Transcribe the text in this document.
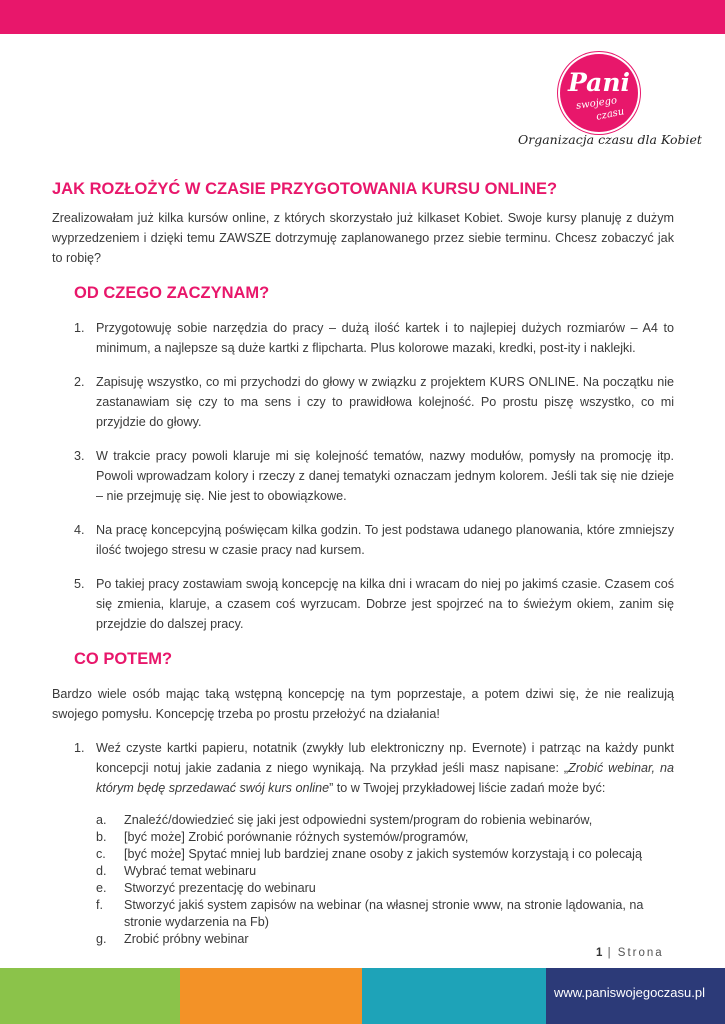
Pani
swojego
czasu
Organizacja czasu dla Kobiet
JAK ROZŁOŻYĆ W CZASIE PRZYGOTOWANIA KURSU ONLINE?

Zrealizowałam już kilka kursów online, z których skorzystało już kilkaset Kobiet. Swoje kursy planuję z dużym wyprzedzeniem i dzięki temu ZAWSZE dotrzymuję zaplanowanego przez siebie terminu. Chcesz zobaczyć jak to robię?

OD CZEGO ZACZYNAM?
1. Przygotowuję sobie narzędzia do pracy – dużą ilość kartek i to najlepiej dużych rozmiarów – A4 to minimum, a najlepsze są duże kartki z flipcharta. Plus kolorowe mazaki, kredki, post-ity i naklejki.
2. Zapisuję wszystko, co mi przychodzi do głowy w związku z projektem KURS ONLINE. Na początku nie zastanawiam się czy to ma sens i czy to prawidłowa kolejność. Po prostu piszę wszystko, co mi przyjdzie do głowy.
3. W trakcie pracy powoli klaruje mi się kolejność tematów, nazwy modułów, pomysły na promocję itp. Powoli wprowadzam kolory i rzeczy z danej tematyki oznaczam jednym kolorem. Jeśli tak się nie dzieje – nie przejmuję się. Nie jest to obowiązkowe.
4. Na pracę koncepcyjną poświęcam kilka godzin. To jest podstawa udanego planowania, które zmniejszy ilość twojego stresu w czasie pracy nad kursem.
5. Po takiej pracy zostawiam swoją koncepcję na kilka dni i wracam do niej po jakimś czasie. Czasem coś się zmienia, klaruje, a czasem coś wyrzucam. Dobrze jest spojrzeć na to świeżym okiem, zanim się przejdzie do dalszej pracy.
CO POTEM?

Bardzo wiele osób mając taką wstępną koncepcję na tym poprzestaje, a potem dziwi się, że nie realizują swojego pomysłu. Koncepcję trzeba po prostu przełożyć na działania!

1. Weź czyste kartki papieru, notatnik (zwykły lub elektroniczny np. Evernote) i patrząc na każdy punkt koncepcji notuj jakie zadania z niego wynikają. Na przykład jeśli masz napisane: „Zrobić webinar, na którym będę sprzedawać swój kurs online” to w Twojej przykładowej liście zadań może być:
a. Znaleźć/dowiedzieć się jaki jest odpowiedni system/program do robienia webinarów,
b. [być może] Zrobić porównanie różnych systemów/programów,
c. [być może] Spytać mniej lub bardziej znane osoby z jakich systemów korzystają i co polecają
d. Wybrać temat webinaru
e. Stworzyć prezentację do webinaru
f. Stworzyć jakiś system zapisów na webinar (na własnej stronie www, na stronie lądowania, na stronie wydarzenia na Fb)
g. Zrobić próbny webinar
1 | Strona
www.paniswojegoczasu.pl
